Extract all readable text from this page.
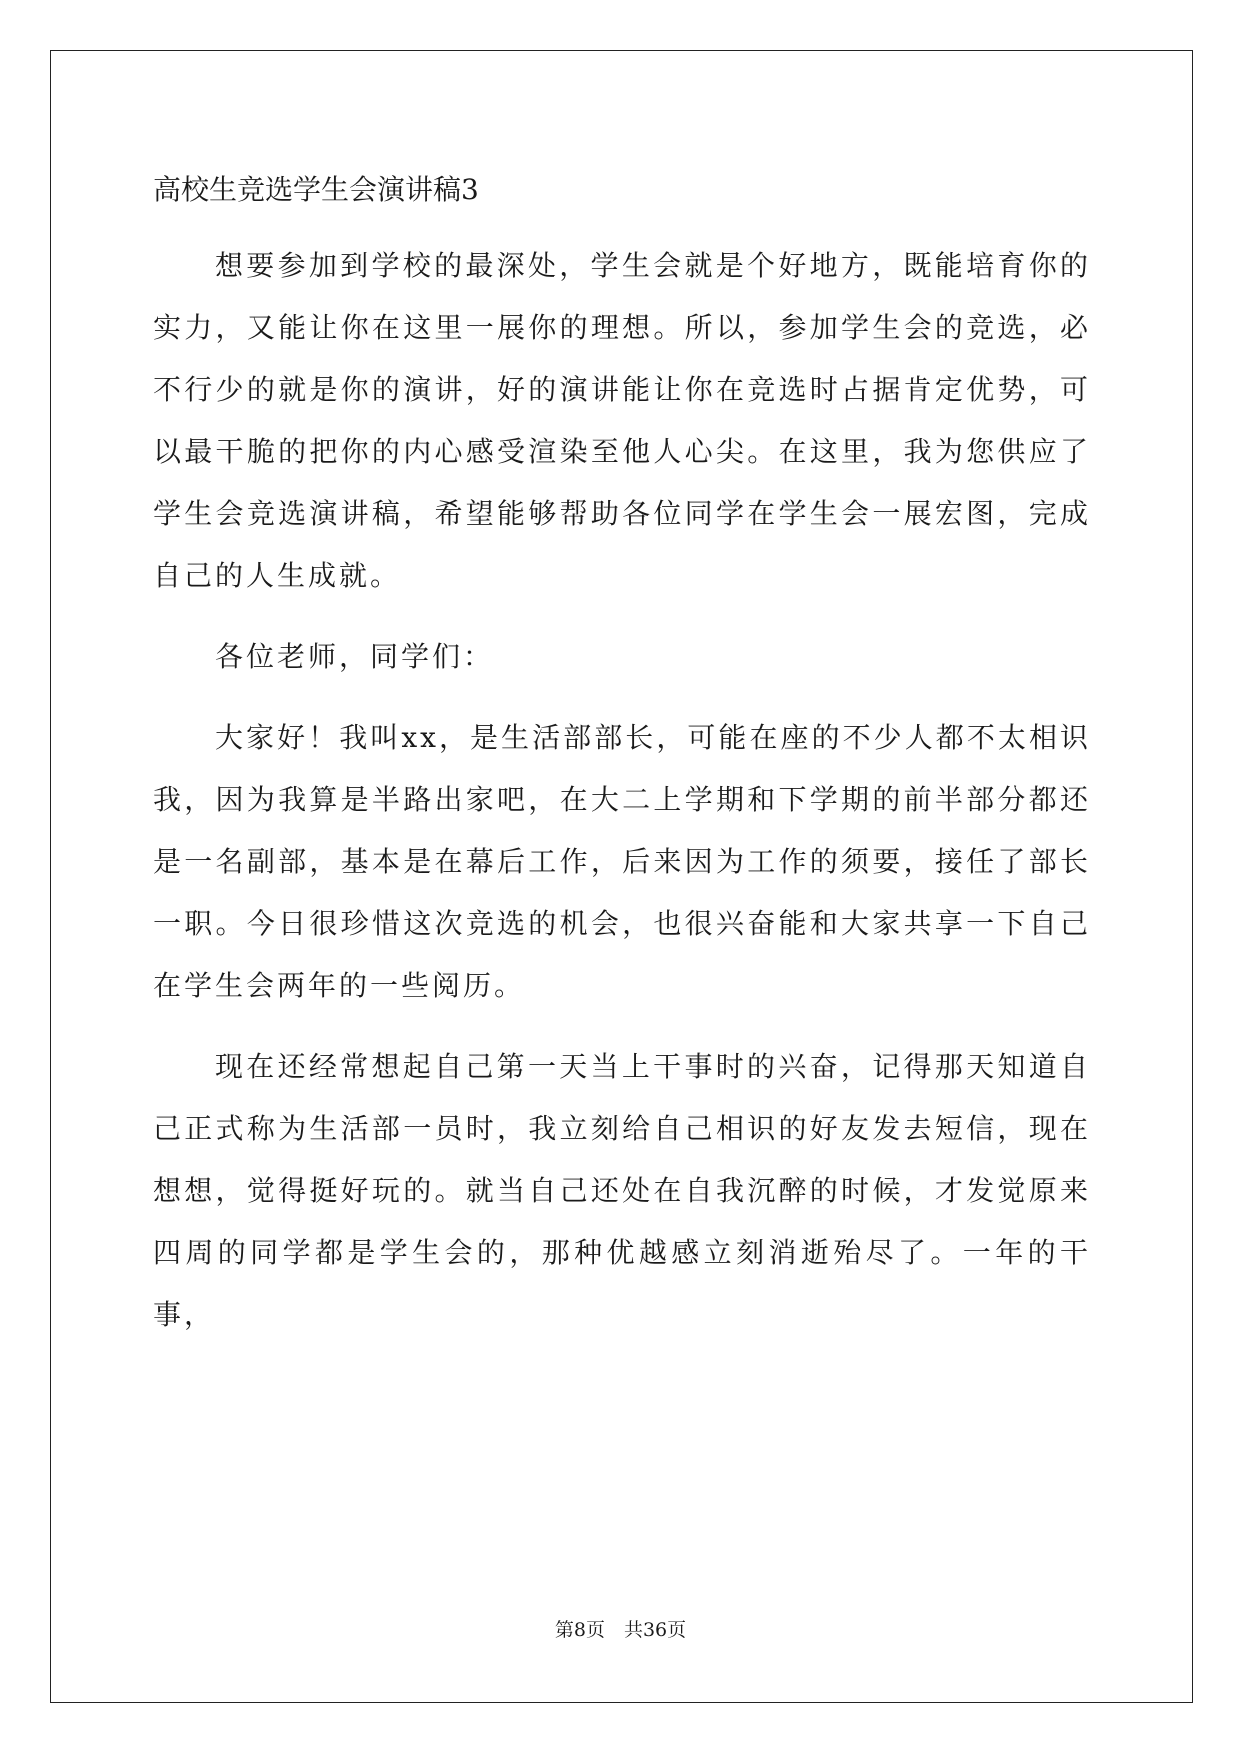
高校生竞选学生会演讲稿3

想要参加到学校的最深处，学生会就是个好地方，既能培育你的实力，又能让你在这里一展你的理想。所以，参加学生会的竞选，必不行少的就是你的演讲，好的演讲能让你在竞选时占据肯定优势，可以最干脆的把你的内心感受渲染至他人心尖。在这里，我为您供应了学生会竞选演讲稿，希望能够帮助各位同学在学生会一展宏图，完成自己的人生成就。

各位老师，同学们：

大家好！我叫xx，是生活部部长，可能在座的不少人都不太相识我，因为我算是半路出家吧，在大二上学期和下学期的前半部分都还是一名副部，基本是在幕后工作，后来因为工作的须要，接任了部长一职。今日很珍惜这次竞选的机会，也很兴奋能和大家共享一下自己在学生会两年的一些阅历。

现在还经常想起自己第一天当上干事时的兴奋，记得那天知道自己正式称为生活部一员时，我立刻给自己相识的好友发去短信，现在想想，觉得挺好玩的。就当自己还处在自我沉醉的时候，才发觉原来四周的同学都是学生会的，那种优越感立刻消逝殆尽了。一年的干事，

第8页　共36页
